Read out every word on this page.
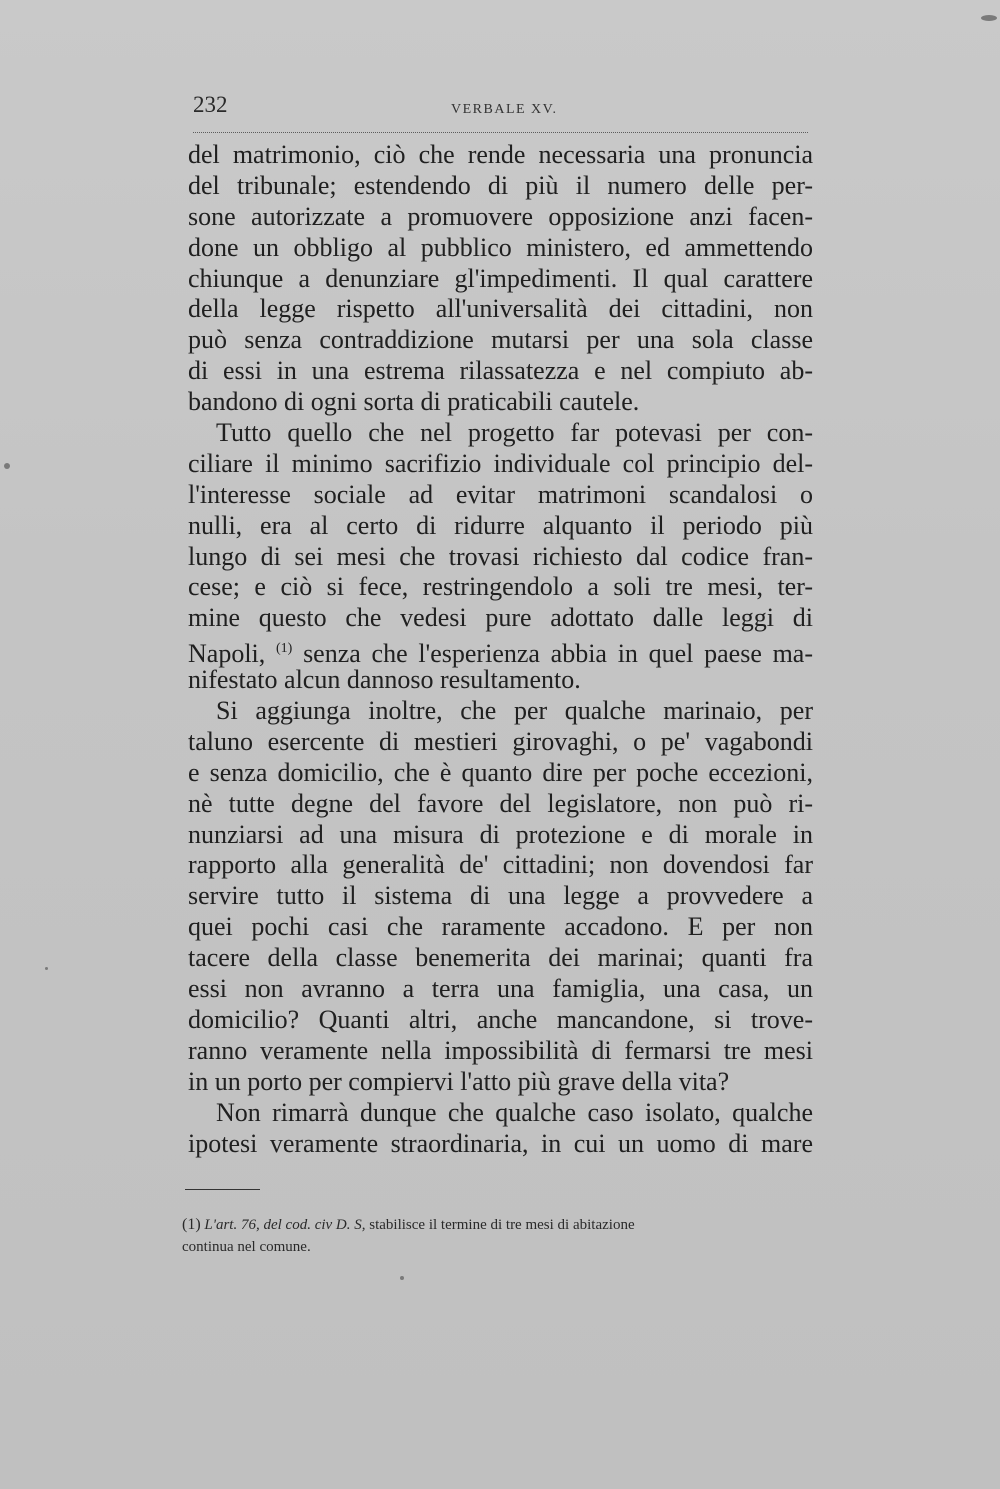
232	VERBALE XV.
del matrimonio, ciò che rende necessaria una pronuncia
del tribunale; estendendo di più il numero delle per-
sone autorizzate a promuovere opposizione anzi facen-
done un obbligo al pubblico ministero, ed ammettendo
chiunque a denunziare gl'impedimenti. Il qual carattere
della legge rispetto all'universalità dei cittadini, non
può senza contraddizione mutarsi per una sola classe
di essi in una estrema rilassatezza e nel compiuto ab-
bandono di ogni sorta di praticabili cautele.
Tutto quello che nel progetto far potevasi per con-
ciliare il minimo sacrifizio individuale col principio del-
l'interesse sociale ad evitar matrimoni scandalosi o
nulli, era al certo di ridurre alquanto il periodo più
lungo di sei mesi che trovasi richiesto dal codice fran-
cese; e ciò si fece, restringendolo a soli tre mesi, ter-
mine questo che vedesi pure adottato dalle leggi di
Napoli, $^{(1)}$ senza che l'esperienza abbia in quel paese ma-
nifestato alcun dannoso resultamento.
Si aggiunga inoltre, che per qualche marinaio, per
taluno esercente di mestieri girovaghi, o pe' vagabondi
e senza domicilio, che è quanto dire per poche eccezioni,
nè tutte degne del favore del legislatore, non può ri-
nunziarsi ad una misura di protezione e di morale in
rapporto alla generalità de' cittadini; non dovendosi far
servire tutto il sistema di una legge a provvedere a
quei pochi casi che raramente accadono. E per non
tacere della classe benemerita dei marinai; quanti fra
essi non avranno a terra una famiglia, una casa, un
domicilio? Quanti altri, anche mancandone, si trove-
ranno veramente nella impossibilità di fermarsi tre mesi
in un porto per compiervi l'atto più grave della vita?
Non rimarrà dunque che qualche caso isolato, qualche
ipotesi veramente straordinaria, in cui un uomo di mare
(1) L'art. 76, del cod. civ D. S, stabilisce il termine di tre mesi di abitazione
continua nel comune.
